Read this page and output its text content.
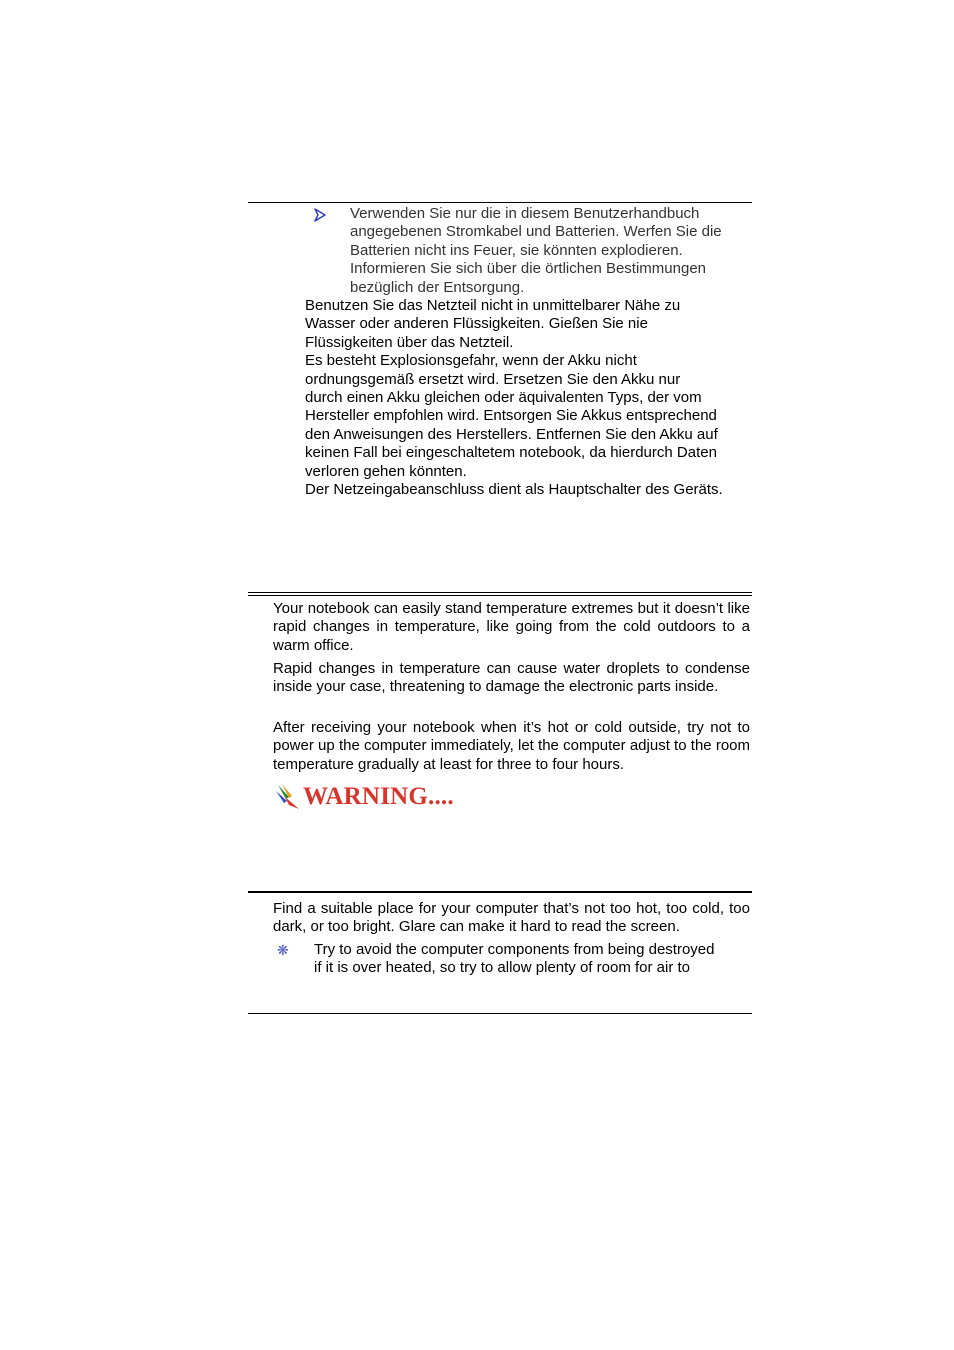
Verwenden Sie nur die in diesem Benutzerhandbuch
angegebenen Stromkabel und Batterien. Werfen Sie die
Batterien nicht ins Feuer, sie könnten explodieren.
Informieren Sie sich über die örtlichen Bestimmungen
bezüglich der Entsorgung.
Benutzen Sie das Netzteil nicht in unmittelbarer Nähe zu
Wasser oder anderen Flüssigkeiten. Gießen Sie nie
Flüssigkeiten über das Netzteil.
Es besteht Explosionsgefahr, wenn der Akku nicht
ordnungsgemäß ersetzt wird. Ersetzen Sie den Akku nur
durch einen Akku gleichen oder äquivalenten Typs, der vom
Hersteller empfohlen wird. Entsorgen Sie Akkus entsprechend
den Anweisungen des Herstellers. Entfernen Sie den Akku auf
keinen Fall bei eingeschaltetem notebook, da hierdurch Daten
verloren gehen könnten.
Der Netzeingabeanschluss dient als Hauptschalter des Geräts.
Your notebook can easily stand temperature extremes but it doesn’t like rapid changes in temperature, like going from the cold outdoors to a warm office.
Rapid changes in temperature can cause water droplets to condense inside your case, threatening to damage the electronic parts inside.
After receiving your notebook when it’s hot or cold outside, try not to power up the computer immediately, let the computer adjust to the room temperature gradually at least for three to four hours.
WARNING....
Find a suitable place for your computer that’s not too hot, too cold, too dark, or too bright. Glare can make it hard to read the screen.
❋ Try to avoid the computer components from being destroyed
if it is over heated, so try to allow plenty of room for air to
